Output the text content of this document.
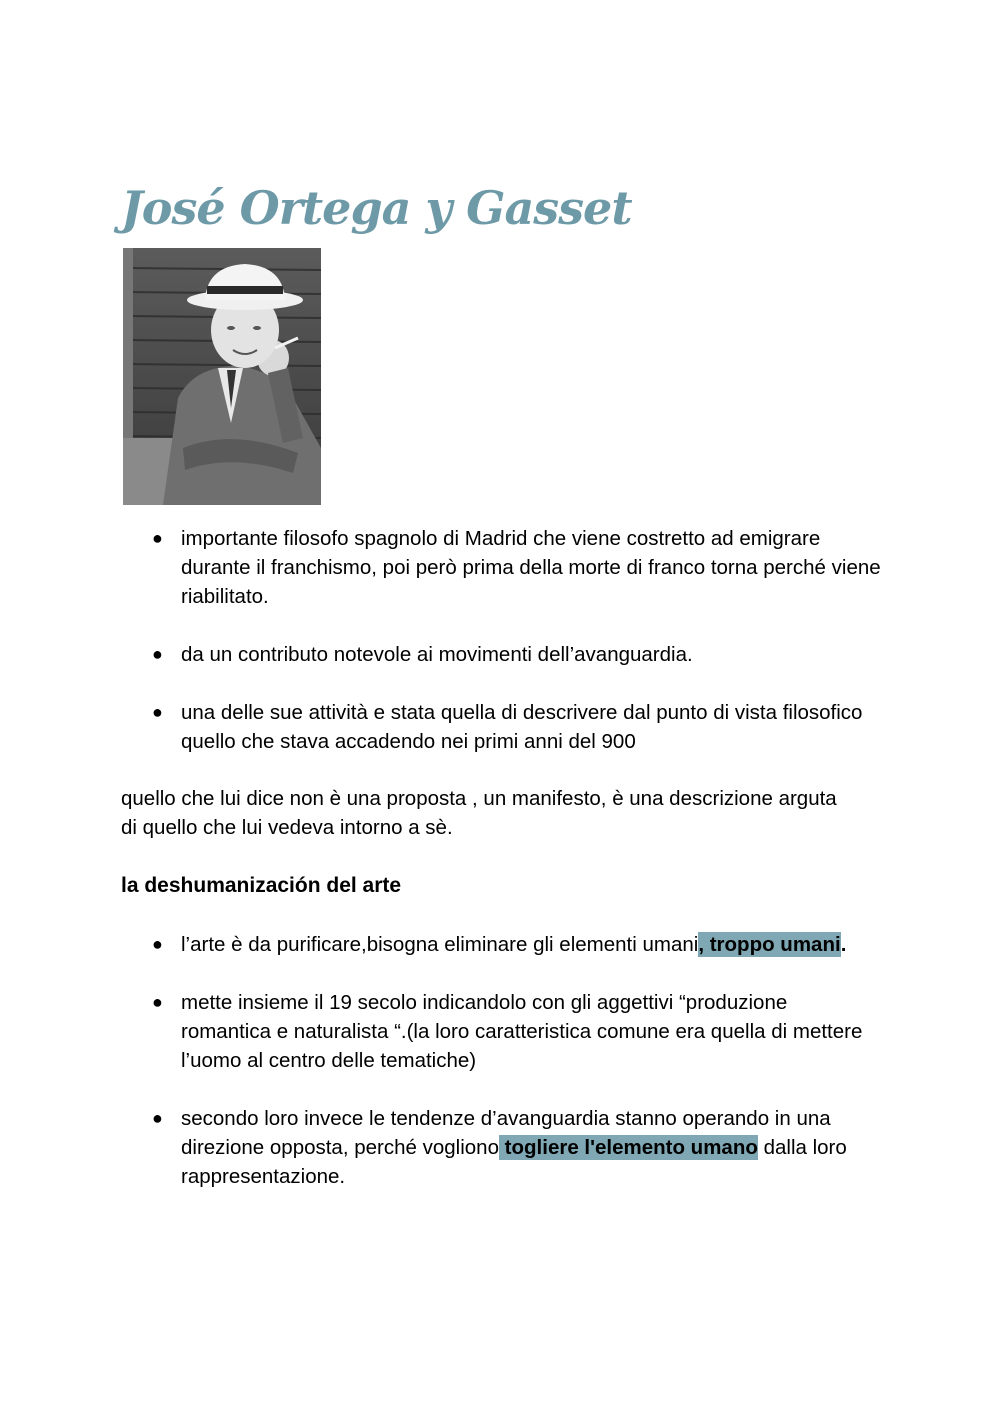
José Ortega y Gasset
● importante filosofo spagnolo di Madrid che viene costretto ad emigrare durante il franchismo, poi però prima della morte di franco torna perché viene riabilitato.
● da un contributo notevole ai movimenti dell’avanguardia.
● una delle sue attività e stata quella di descrivere dal punto di vista filosofico quello che stava accadendo nei primi anni del 900

quello che lui dice non è una proposta , un manifesto, è una descrizione arguta di quello che lui vedeva intorno a sè.

la deshumanización del arte
● l’arte è da purificare,bisogna eliminare gli elementi umani, troppo umani.
● mette insieme il 19 secolo indicandolo con gli aggettivi “produzione romantica e naturalista “.(la loro caratteristica comune era quella di mettere l’uomo al centro delle tematiche)
● secondo loro invece le tendenze d’avanguardia stanno operando in una direzione opposta, perché vogliono togliere l'elemento umano dalla loro rappresentazione.
